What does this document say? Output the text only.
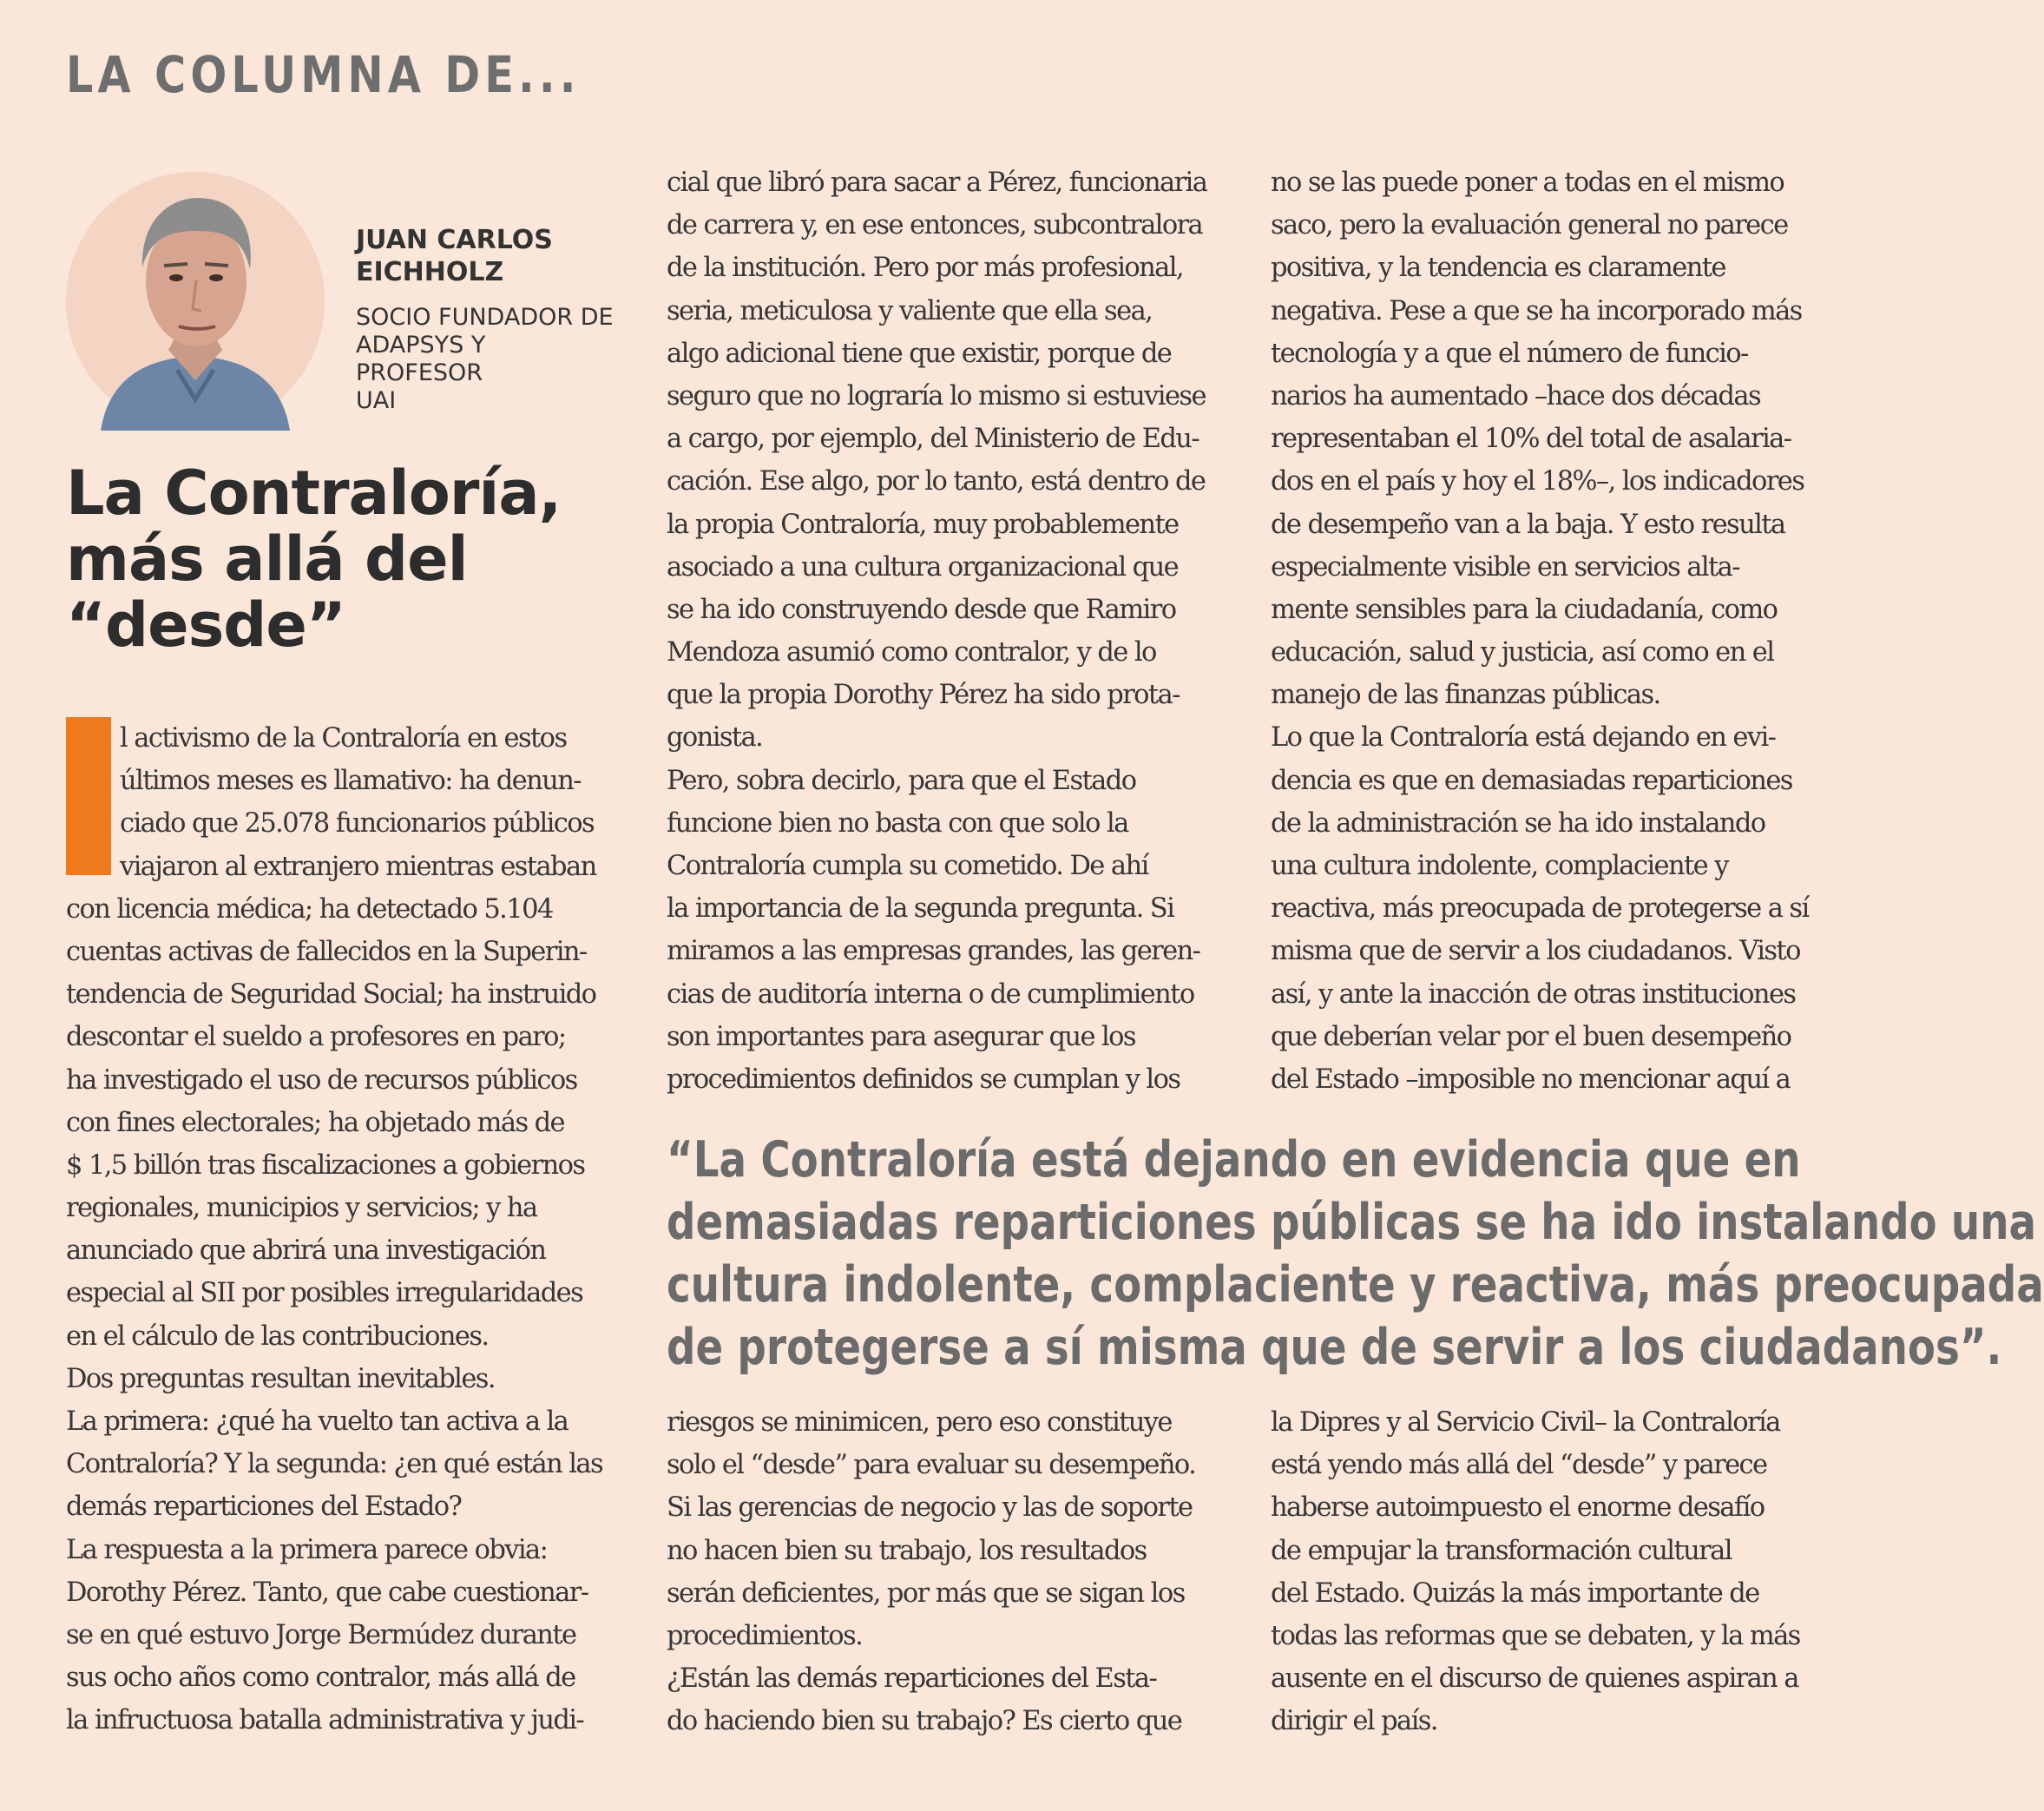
LA COLUMNA DE...
JUAN CARLOS
EICHHOLZ
SOCIO FUNDADOR DE
ADAPSYS Y PROFESOR
UAI
La Contraloría,
más allá del
“desde”
l activismo de la Contraloría en estos
últimos meses es llamativo: ha denun-
ciado que 25.078 funcionarios públicos
viajaron al extranjero mientras estaban
con licencia médica; ha detectado 5.104
cuentas activas de fallecidos en la Superin-
tendencia de Seguridad Social; ha instruido
descontar el sueldo a profesores en paro;
ha investigado el uso de recursos públicos
con fines electorales; ha objetado más de
$ 1,5 billón tras fiscalizaciones a gobiernos
regionales, municipios y servicios; y ha
anunciado que abrirá una investigación
especial al SII por posibles irregularidades
en el cálculo de las contribuciones.
Dos preguntas resultan inevitables.
La primera: ¿qué ha vuelto tan activa a la
Contraloría? Y la segunda: ¿en qué están las
demás reparticiones del Estado?
La respuesta a la primera parece obvia:
Dorothy Pérez. Tanto, que cabe cuestionar-
se en qué estuvo Jorge Bermúdez durante
sus ocho años como contralor, más allá de
la infructuosa batalla administrativa y judi-
cial que libró para sacar a Pérez, funcionaria
de carrera y, en ese entonces, subcontralora
de la institución. Pero por más profesional,
seria, meticulosa y valiente que ella sea,
algo adicional tiene que existir, porque de
seguro que no lograría lo mismo si estuviese
a cargo, por ejemplo, del Ministerio de Edu-
cación. Ese algo, por lo tanto, está dentro de
la propia Contraloría, muy probablemente
asociado a una cultura organizacional que
se ha ido construyendo desde que Ramiro
Mendoza asumió como contralor, y de lo
que la propia Dorothy Pérez ha sido prota-
gonista.
Pero, sobra decirlo, para que el Estado
funcione bien no basta con que solo la
Contraloría cumpla su cometido. De ahí
la importancia de la segunda pregunta. Si
miramos a las empresas grandes, las geren-
cias de auditoría interna o de cumplimiento
son importantes para asegurar que los
procedimientos definidos se cumplan y los
no se las puede poner a todas en el mismo
saco, pero la evaluación general no parece
positiva, y la tendencia es claramente
negativa. Pese a que se ha incorporado más
tecnología y a que el número de funcio-
narios ha aumentado –hace dos décadas
representaban el 10% del total de asalaria-
dos en el país y hoy el 18%–, los indicadores
de desempeño van a la baja. Y esto resulta
especialmente visible en servicios alta-
mente sensibles para la ciudadanía, como
educación, salud y justicia, así como en el
manejo de las finanzas públicas.
Lo que la Contraloría está dejando en evi-
dencia es que en demasiadas reparticiones
de la administración se ha ido instalando
una cultura indolente, complaciente y
reactiva, más preocupada de protegerse a sí
misma que de servir a los ciudadanos. Visto
así, y ante la inacción de otras instituciones
que deberían velar por el buen desempeño
del Estado –imposible no mencionar aquí a
“La Contraloría está dejando en evidencia que en
demasiadas reparticiones públicas se ha ido instalando una
cultura indolente, complaciente y reactiva, más preocupada
de protegerse a sí misma que de servir a los ciudadanos”.
riesgos se minimicen, pero eso constituye
solo el “desde” para evaluar su desempeño.
Si las gerencias de negocio y las de soporte
no hacen bien su trabajo, los resultados
serán deficientes, por más que se sigan los
procedimientos.
¿Están las demás reparticiones del Esta-
do haciendo bien su trabajo? Es cierto que
la Dipres y al Servicio Civil– la Contraloría
está yendo más allá del “desde” y parece
haberse autoimpuesto el enorme desafío
de empujar la transformación cultural
del Estado. Quizás la más importante de
todas las reformas que se debaten, y la más
ausente en el discurso de quienes aspiran a
dirigir el país.
